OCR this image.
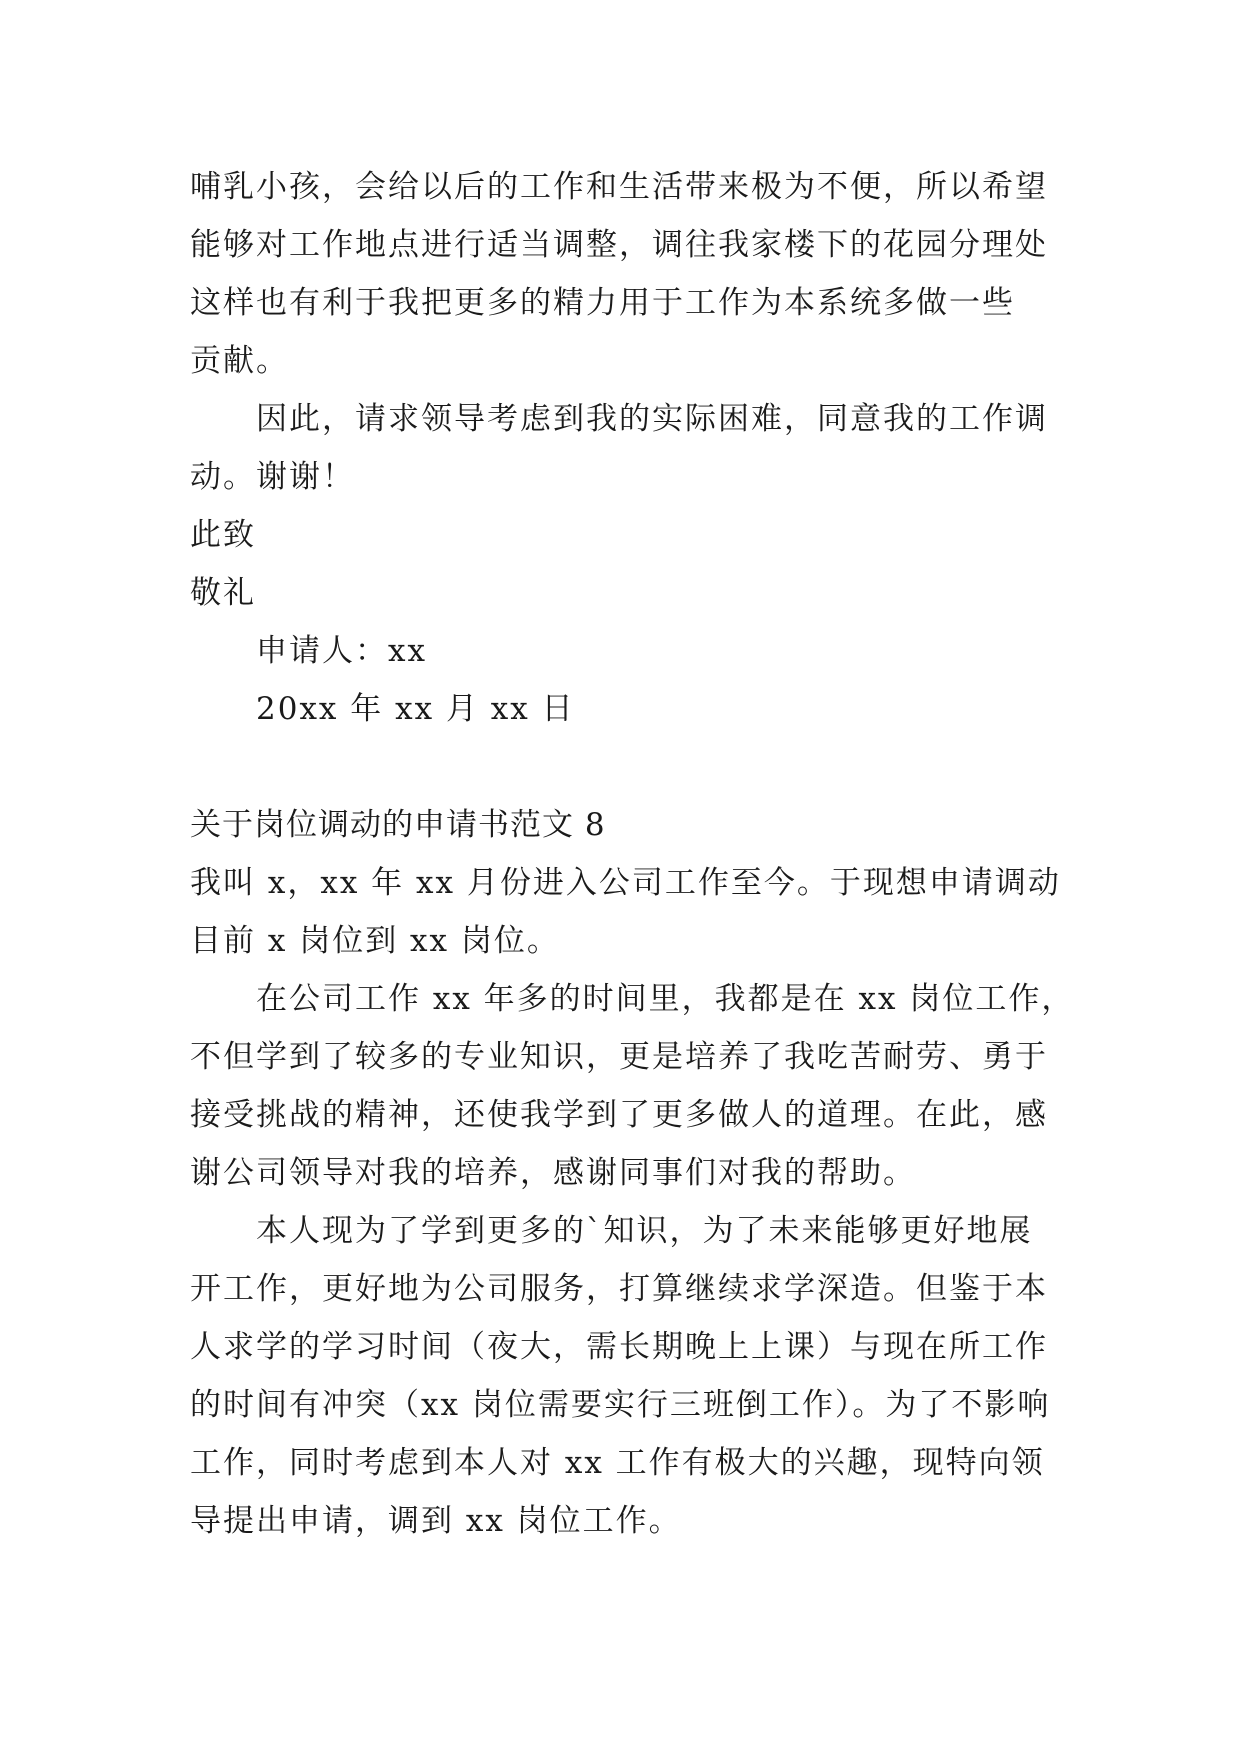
哺乳小孩，会给以后的工作和生活带来极为不便，所以希望
能够对工作地点进行适当调整，调往我家楼下的花园分理处
这样也有利于我把更多的精力用于工作为本系统多做一些
贡献。
因此，请求领导考虑到我的实际困难，同意我的工作调
动。谢谢！
此致
敬礼
申请人：xx
20xx 年 xx 月 xx 日
关于岗位调动的申请书范文 8
我叫 x，xx 年 xx 月份进入公司工作至今。于现想申请调动
目前 x 岗位到 xx 岗位。
在公司工作 xx 年多的时间里，我都是在 xx 岗位工作，
不但学到了较多的专业知识，更是培养了我吃苦耐劳、勇于
接受挑战的精神，还使我学到了更多做人的道理。在此，感
谢公司领导对我的培养，感谢同事们对我的帮助。
本人现为了学到更多的`知识，为了未来能够更好地展
开工作，更好地为公司服务，打算继续求学深造。但鉴于本
人求学的学习时间（夜大，需长期晚上上课）与现在所工作
的时间有冲突（xx 岗位需要实行三班倒工作）。为了不影响
工作，同时考虑到本人对 xx 工作有极大的兴趣，现特向领
导提出申请，调到 xx 岗位工作。
